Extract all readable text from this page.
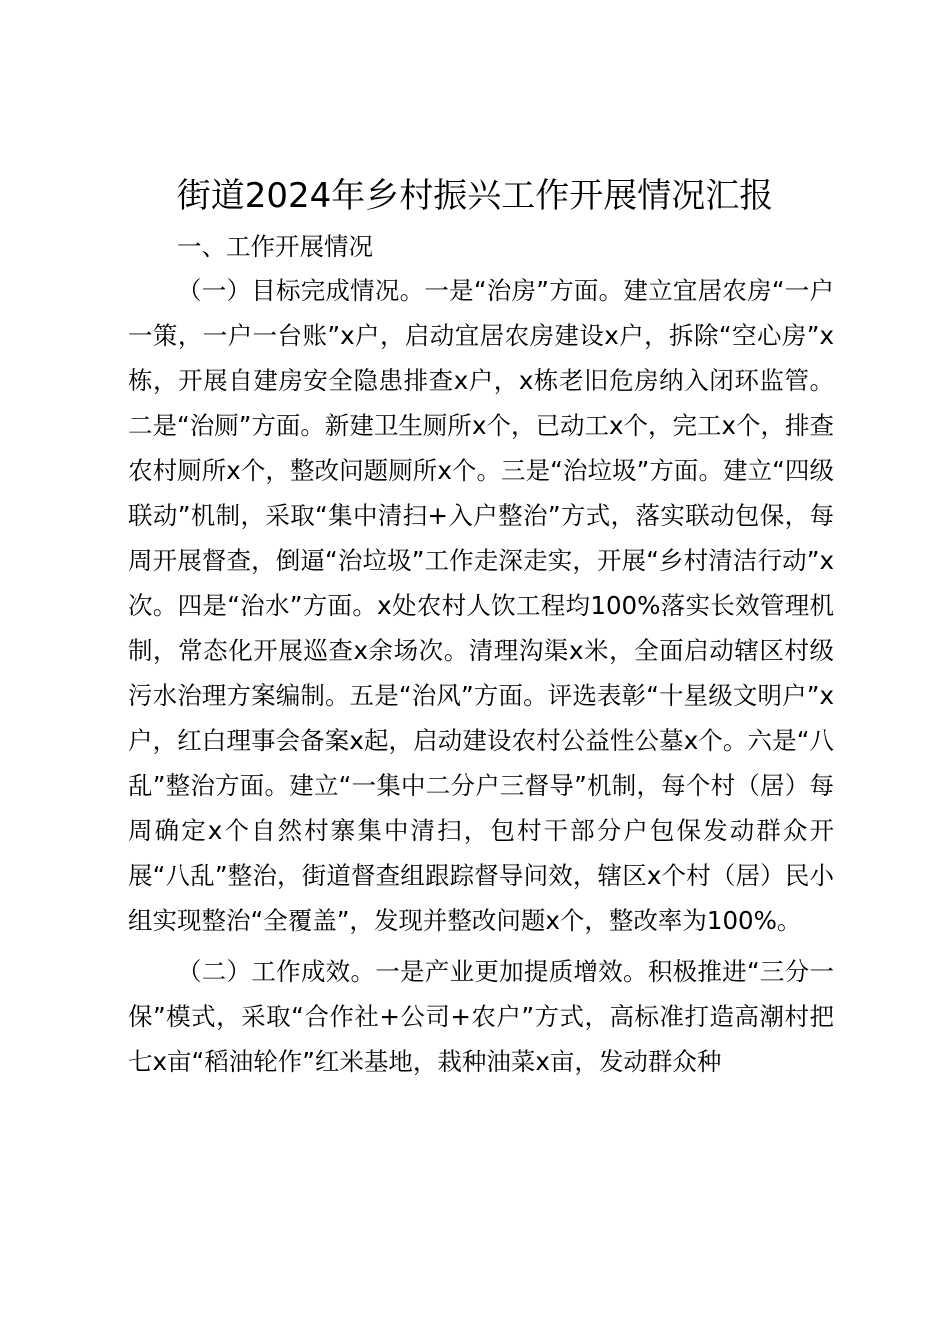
街道2024年乡村振兴工作开展情况汇报
一、工作开展情况

（一）目标完成情况。一是“治房”方面。建立宜居农房“一户一策，一户一台账”x户，启动宜居农房建设x户，拆除“空心房”x栋，开展自建房安全隐患排查x户，x栋老旧危房纳入闭环监管。二是“治厕”方面。新建卫生厕所x个，已动工x个，完工x个，排查农村厕所x个，整改问题厕所x个。三是“治垃圾”方面。建立“四级联动”机制，采取“集中清扫+入户整治”方式，落实联动包保，每周开展督查，倒逼“治垃圾”工作走深走实，开展“乡村清洁行动”x次。四是“治水”方面。x处农村人饮工程均100%落实长效管理机制，常态化开展巡查x余场次。清理沟渠x米，全面启动辖区村级污水治理方案编制。五是“治风”方面。评选表彰“十星级文明户”x户，红白理事会备案x起，启动建设农村公益性公墓x个。六是“八乱”整治方面。建立“一集中二分户三督导”机制，每个村（居）每周确定x个自然村寨集中清扫，包村干部分户包保发动群众开展“八乱”整治，街道督查组跟踪督导问效，辖区x个村（居）民小组实现整治“全覆盖”，发现并整改问题x个，整改率为100%。

（二）工作成效。一是产业更加提质增效。积极推进“三分一保”模式，采取“合作社+公司+农户”方式，高标准打造高潮村把七x亩“稻油轮作”红米基地，栽种油菜x亩，发动群众种
